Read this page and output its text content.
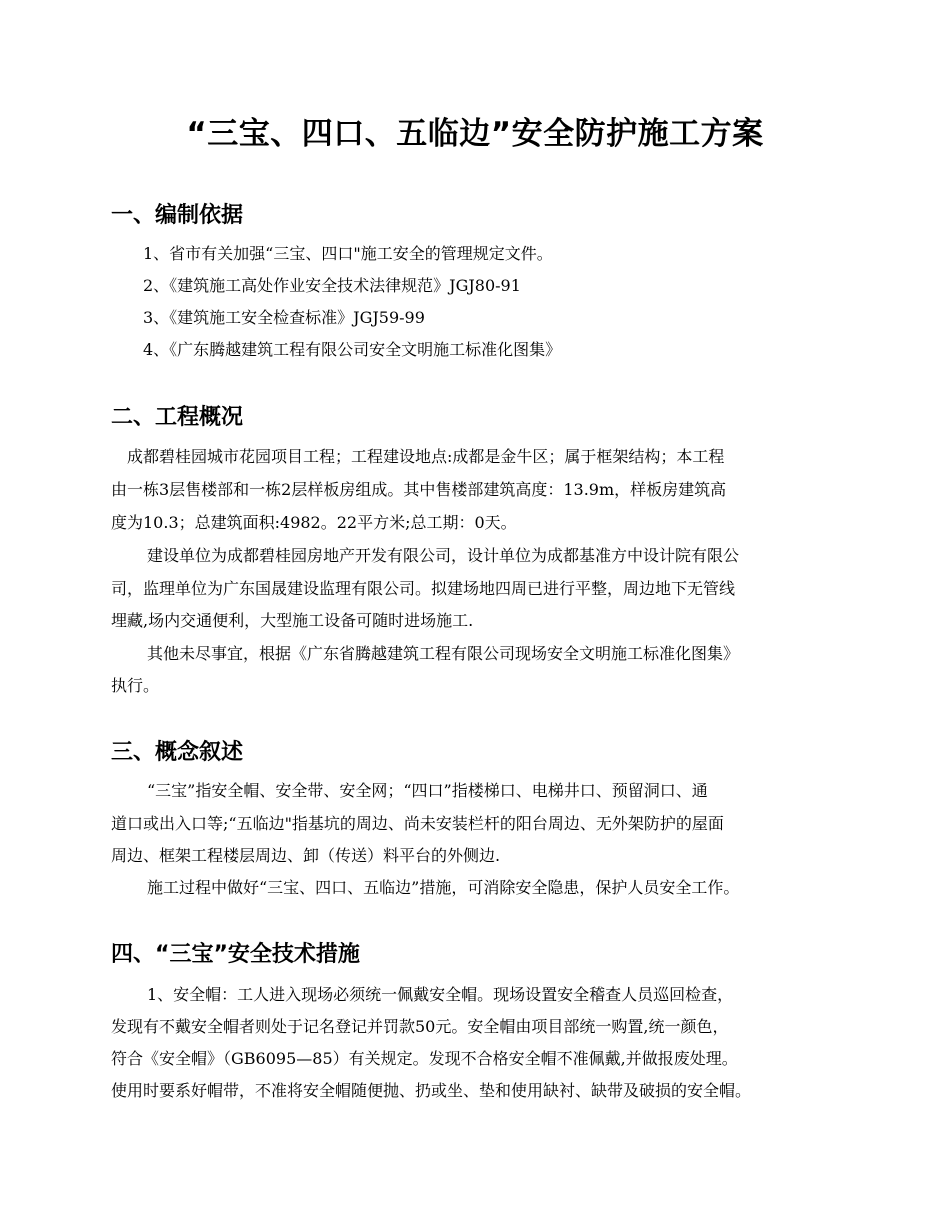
“三宝、四口、五临边”安全防护施工方案
一、编制依据
1、省市有关加强“三宝、四口"施工安全的管理规定文件。
2、《建筑施工高处作业安全技术法律规范》JGJ80-91
3、《建筑施工安全检查标准》JGJ59-99
4、《广东腾越建筑工程有限公司安全文明施工标准化图集》
二、工程概况
成都碧桂园城市花园项目工程；工程建设地点:成都是金牛区；属于框架结构；本工程
由一栋3层售楼部和一栋2层样板房组成。其中售楼部建筑高度：13.9m，样板房建筑高
度为10.3；总建筑面积:4982。22平方米;总工期：0天。
建设单位为成都碧桂园房地产开发有限公司，设计单位为成都基准方中设计院有限公
司，监理单位为广东国晟建设监理有限公司。拟建场地四周已进行平整，周边地下无管线
埋藏,场内交通便利，大型施工设备可随时进场施工.
其他未尽事宜，根据《广东省腾越建筑工程有限公司现场安全文明施工标准化图集》
执行。
三、概念叙述
“三宝”指安全帽、安全带、安全网；“四口”指楼梯口、电梯井口、预留洞口、通
道口或出入口等;“五临边"指基坑的周边、尚未安装栏杆的阳台周边、无外架防护的屋面
周边、框架工程楼层周边、卸（传送）料平台的外侧边.
施工过程中做好“三宝、四口、五临边”措施，可消除安全隐患，保护人员安全工作。
四、“三宝”安全技术措施
1、安全帽：工人进入现场必须统一佩戴安全帽。现场设置安全稽查人员巡回检查，
发现有不戴安全帽者则处于记名登记并罚款50元。安全帽由项目部统一购置,统一颜色，
符合《安全帽》（GB6095—85）有关规定。发现不合格安全帽不准佩戴,并做报废处理。
使用时要系好帽带，不准将安全帽随便抛、扔或坐、垫和使用缺衬、缺带及破损的安全帽。
